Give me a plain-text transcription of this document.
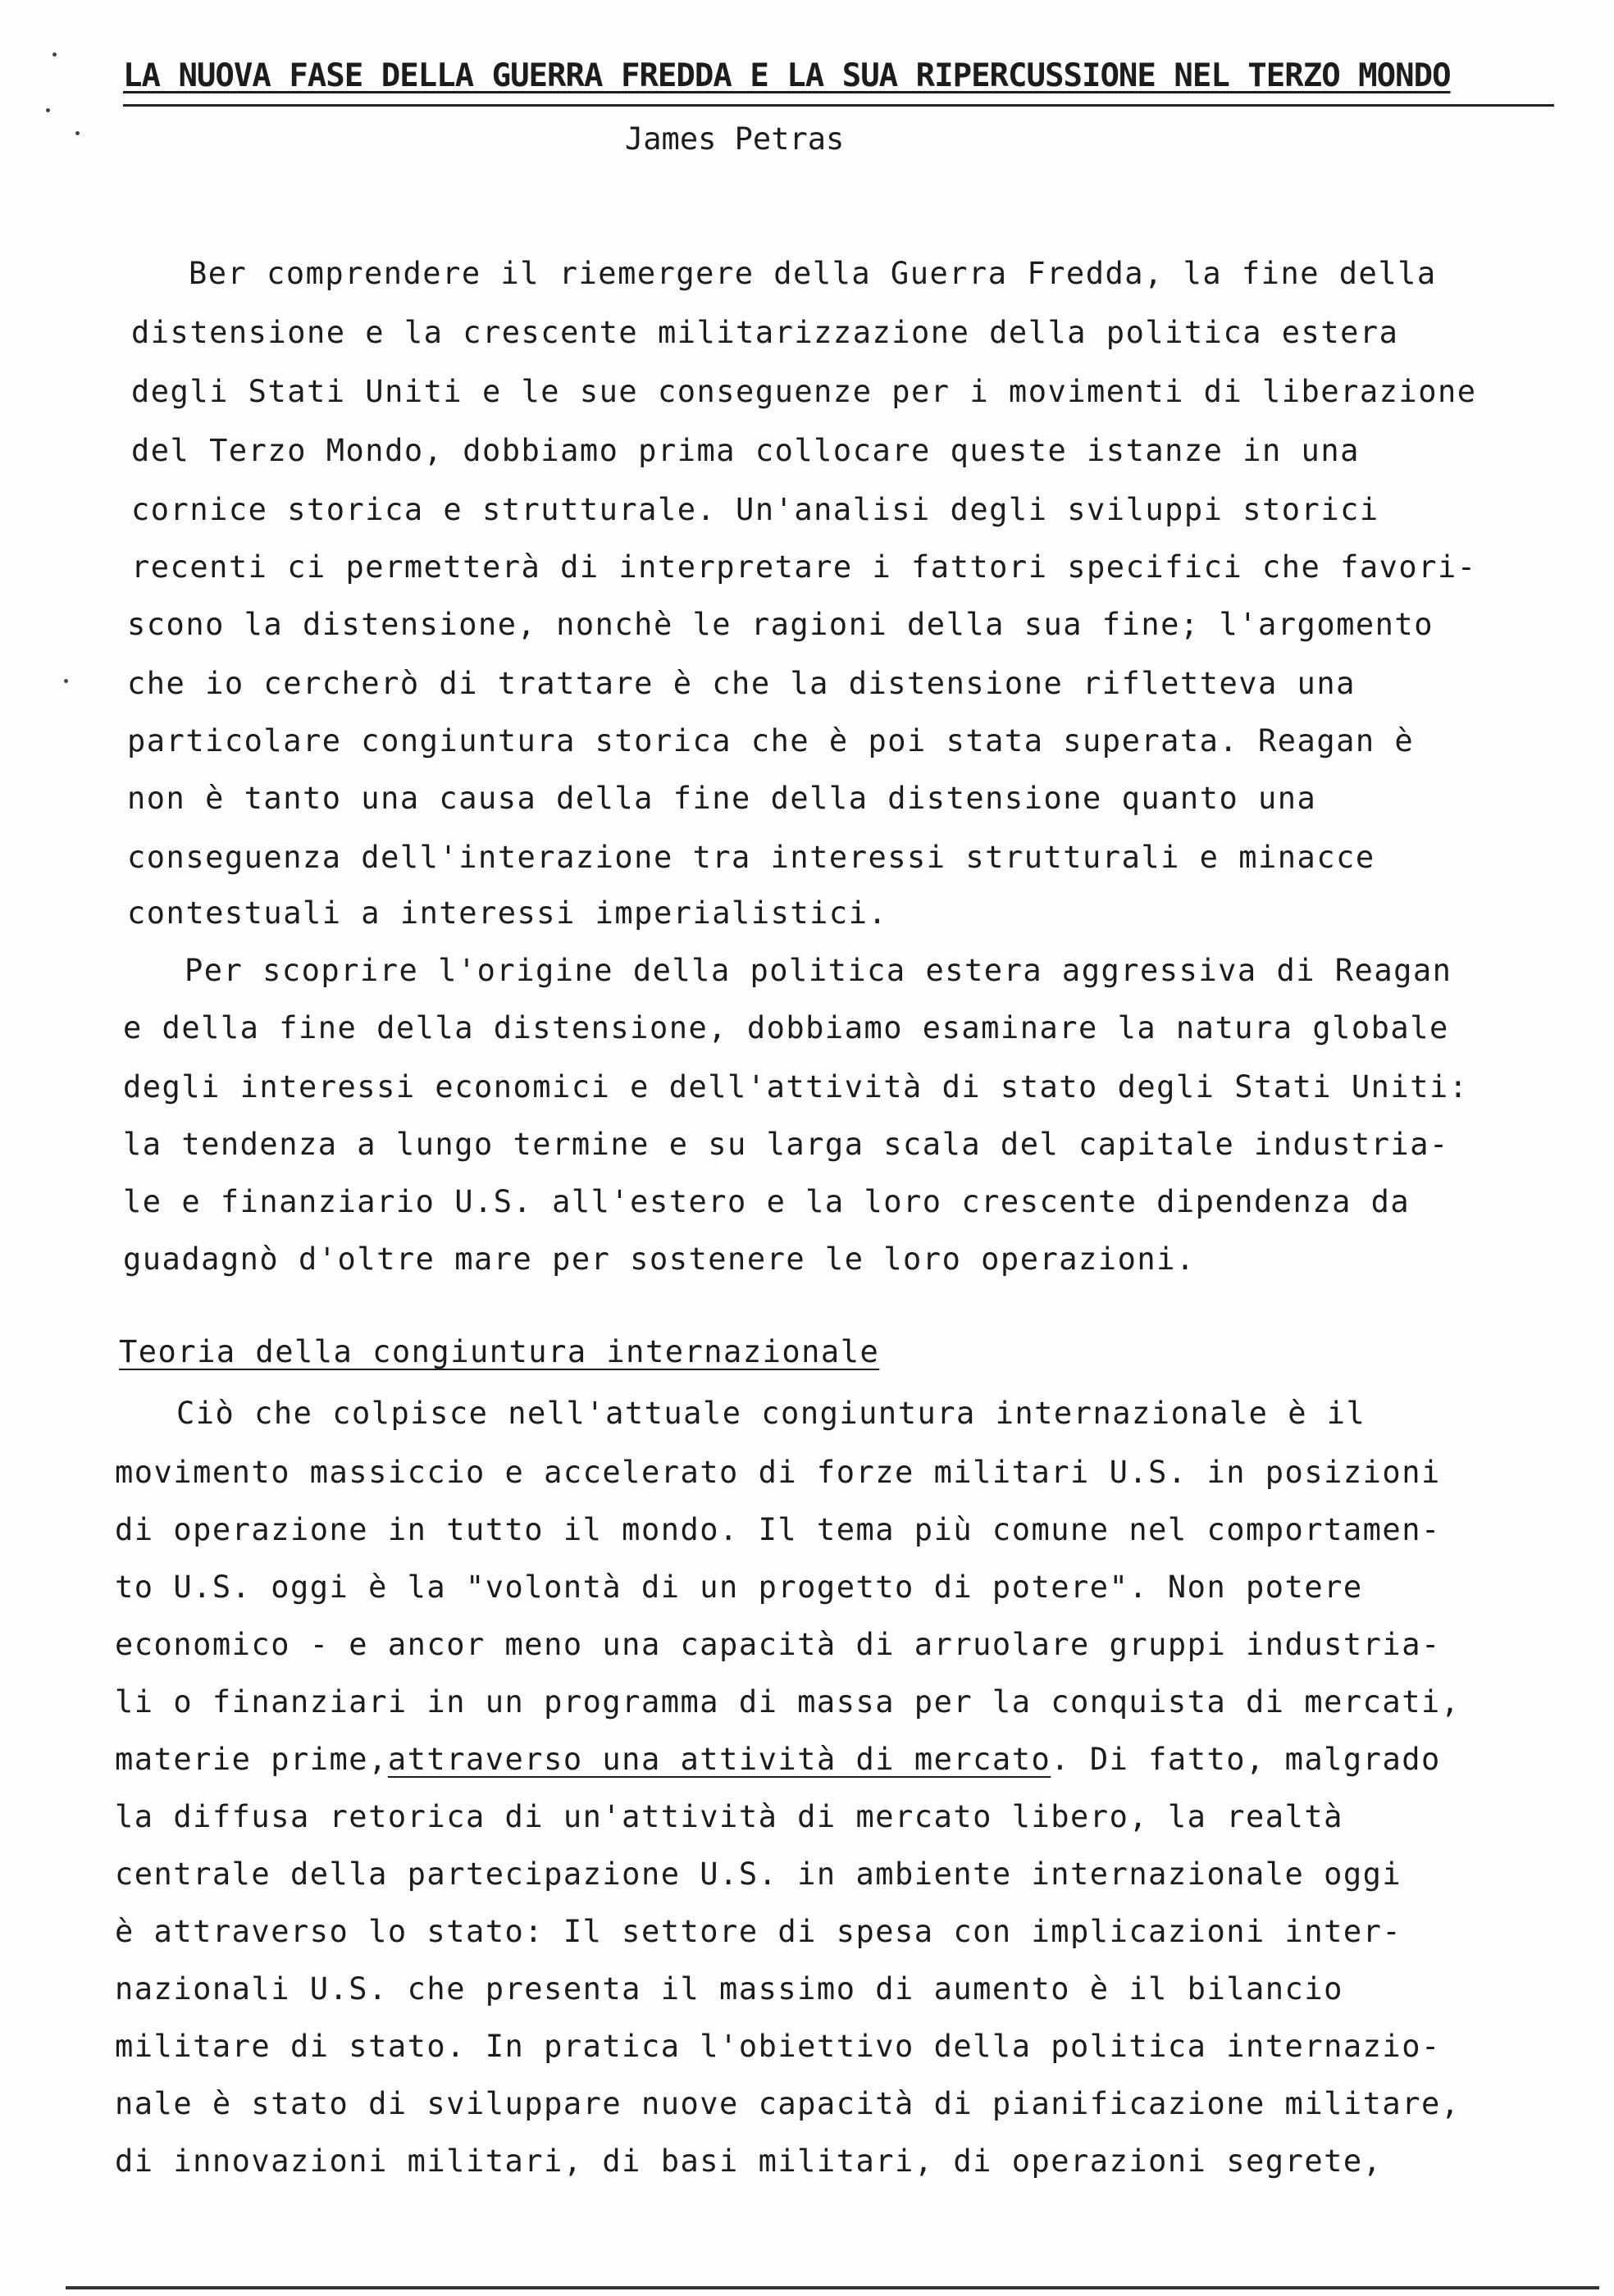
LA NUOVA FASE DELLA GUERRA FREDDA E LA SUA RIPERCUSSIONE NEL TERZO MONDO
James Petras
Ber comprendere il riemergere della Guerra Fredda, la fine della
distensione e la crescente militarizzazione della politica estera
degli Stati Uniti e le sue conseguenze per i movimenti di liberazione
del Terzo Mondo, dobbiamo prima collocare queste istanze in una
cornice storica e strutturale. Un'analisi degli sviluppi storici
recenti ci permetterà di interpretare i fattori specifici che favori-
scono la distensione, nonchè le ragioni della sua fine; l'argomento
che io cercherò di trattare è che la distensione rifletteva una
particolare congiuntura storica che è poi stata superata. Reagan è
non è tanto una causa della fine della distensione quanto una
conseguenza dell'interazione tra interessi strutturali e minacce
contestuali a interessi imperialistici.
Per scoprire l'origine della politica estera aggressiva di Reagan
e della fine della distensione, dobbiamo esaminare la natura globale
degli interessi economici e dell'attività di stato degli Stati Uniti:
la tendenza a lungo termine e su larga scala del capitale industria-
le e finanziario U.S. all'estero e la loro crescente dipendenza da
guadagnò d'oltre mare per sostenere le loro operazioni.
Teoria della congiuntura internazionale
Ciò che colpisce nell'attuale congiuntura internazionale è il
movimento massiccio e accelerato di forze militari U.S. in posizioni
di operazione in tutto il mondo. Il tema più comune nel comportamen-
to U.S. oggi è la "volontà di un progetto di potere". Non potere
economico - e ancor meno una capacità di arruolare gruppi industria-
li o finanziari in un programma di massa per la conquista di mercati,
materie prime,attraverso una attività di mercato. Di fatto, malgrado
la diffusa retorica di un'attività di mercato libero, la realtà
centrale della partecipazione U.S. in ambiente internazionale oggi
è attraverso lo stato: Il settore di spesa con implicazioni inter-
nazionali U.S. che presenta il massimo di aumento è il bilancio
militare di stato. In pratica l'obiettivo della politica internazio-
nale è stato di sviluppare nuove capacità di pianificazione militare,
di innovazioni militari, di basi militari, di operazioni segrete,
